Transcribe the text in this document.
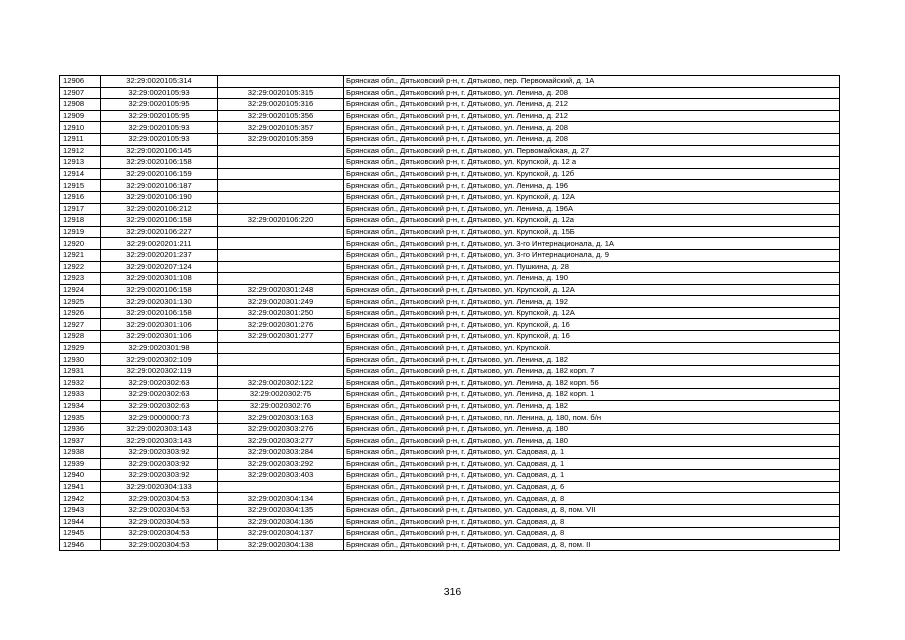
12906	32:29:0020105:314		Брянская обл., Дятьковский р-н, г. Дятьково, пер. Первомайский, д. 1А
12907	32:29:0020105:93	32:29:0020105:315	Брянская обл., Дятьковский р-н, г. Дятьково, ул. Ленина, д. 208
12908	32:29:0020105:95	32:29:0020105:316	Брянская обл., Дятьковский р-н, г. Дятьково, ул. Ленина, д. 212
12909	32:29:0020105:95	32:29:0020105:356	Брянская обл., Дятьковский р-н, г. Дятьково, ул. Ленина, д. 212
12910	32:29:0020105:93	32:29:0020105:357	Брянская обл., Дятьковский р-н, г. Дятьково, ул. Ленина, д. 208
12911	32:29:0020105:93	32:29:0020105:359	Брянская обл., Дятьковский р-н, г. Дятьково, ул. Ленина, д. 208
12912	32:29:0020106:145		Брянская обл., Дятьковский р-н, г. Дятьково, ул. Первомайская, д. 27
12913	32:29:0020106:158		Брянская обл., Дятьковский р-н, г. Дятьково, ул. Крупской, д. 12 а
12914	32:29:0020106:159		Брянская обл., Дятьковский р-н, г. Дятьково, ул. Крупской, д. 12б
12915	32:29:0020106:187		Брянская обл., Дятьковский р-н, г. Дятьково, ул. Ленина, д. 196
12916	32:29:0020106:190		Брянская обл., Дятьковский р-н, г. Дятьково, ул. Крупской, д. 12А
12917	32:29:0020106:212		Брянская обл., Дятьковский р-н, г. Дятьково, ул. Ленина, д. 196А
12918	32:29:0020106:158	32:29:0020106:220	Брянская обл., Дятьковский р-н, г. Дятьково, ул. Крупской, д. 12а
12919	32:29:0020106:227		Брянская обл., Дятьковский р-н, г. Дятьково, ул. Крупской, д. 15Б
12920	32:29:0020201:211		Брянская обл., Дятьковский р-н, г. Дятьково, ул. 3-го Интернационала, д. 1А
12921	32:29:0020201:237		Брянская обл., Дятьковский р-н, г. Дятьково, ул. 3-го Интернационала, д. 9
12922	32:29:0020207:124		Брянская обл., Дятьковский р-н, г. Дятьково, ул. Пушкина, д. 28
12923	32:29:0020301:108		Брянская обл., Дятьковский р-н, г. Дятьково, ул. Ленина, д. 190
12924	32:29:0020106:158	32:29:0020301:248	Брянская обл., Дятьковский р-н, г. Дятьково, ул. Крупской, д. 12А
12925	32:29:0020301:130	32:29:0020301:249	Брянская обл., Дятьковский р-н, г. Дятьково, ул. Ленина, д. 192
12926	32:29:0020106:158	32:29:0020301:250	Брянская обл., Дятьковский р-н, г. Дятьково, ул. Крупской, д. 12А
12927	32:29:0020301:106	32:29:0020301:276	Брянская обл., Дятьковский р-н, г. Дятьково, ул. Крупской, д. 16
12928	32:29:0020301:106	32:29:0020301:277	Брянская обл., Дятьковский р-н, г. Дятьково, ул. Крупской, д. 16
12929	32:29:0020301:98		Брянская обл., Дятьковский р-н, г. Дятьково, ул. Крупской.
12930	32:29:0020302:109		Брянская обл., Дятьковский р-н, г. Дятьково, ул. Ленина, д. 182
12931	32:29:0020302:119		Брянская обл., Дятьковский р-н, г. Дятьково, ул. Ленина, д. 182 корп. 7
12932	32:29:0020302:63	32:29:0020302:122	Брянская обл., Дятьковский р-н, г. Дятьково, ул. Ленина, д. 182 корп. 56
12933	32:29:0020302:63	32:29:0020302:75	Брянская обл., Дятьковский р-н, г. Дятьково, ул. Ленина, д. 182 корп. 1
12934	32:29:0020302:63	32:29:0020302:76	Брянская обл., Дятьковский р-н, г. Дятьково, ул. Ленина, д. 182
12935	32:29:0000000:73	32:29:0020303:163	Брянская обл., Дятьковский р-н, г. Дятьково, пл. Ленина, д. 180, пом. б/н
12936	32:29:0020303:143	32:29:0020303:276	Брянская обл., Дятьковский р-н, г. Дятьково, ул. Ленина, д. 180
12937	32:29:0020303:143	32:29:0020303:277	Брянская обл., Дятьковский р-н, г. Дятьково, ул. Ленина, д. 180
12938	32:29:0020303:92	32:29:0020303:284	Брянская обл., Дятьковский р-н, г. Дятьково, ул. Садовая, д. 1
12939	32:29:0020303:92	32:29:0020303:292	Брянская обл., Дятьковский р-н, г. Дятьково, ул. Садовая, д. 1
12940	32:29:0020303:92	32:29:0020303:403	Брянская обл., Дятьковский р-н, г. Дятьково, ул. Садовая, д. 1
12941	32:29:0020304:133		Брянская обл., Дятьковский р-н, г. Дятьково, ул. Садовая, д. 6
12942	32:29:0020304:53	32:29:0020304:134	Брянская обл., Дятьковский р-н, г. Дятьково, ул. Садовая, д. 8
12943	32:29:0020304:53	32:29:0020304:135	Брянская обл., Дятьковский р-н, г. Дятьково, ул. Садовая, д. 8, пом. VII
12944	32:29:0020304:53	32:29:0020304:136	Брянская обл., Дятьковский р-н, г. Дятьково, ул. Садовая, д. 8
12945	32:29:0020304:53	32:29:0020304:137	Брянская обл., Дятьковский р-н, г. Дятьково, ул. Садовая, д. 8
12946	32:29:0020304:53	32:29:0020304:138	Брянская обл., Дятьковский р-н, г. Дятьково, ул. Садовая, д. 8, пом. II
316
